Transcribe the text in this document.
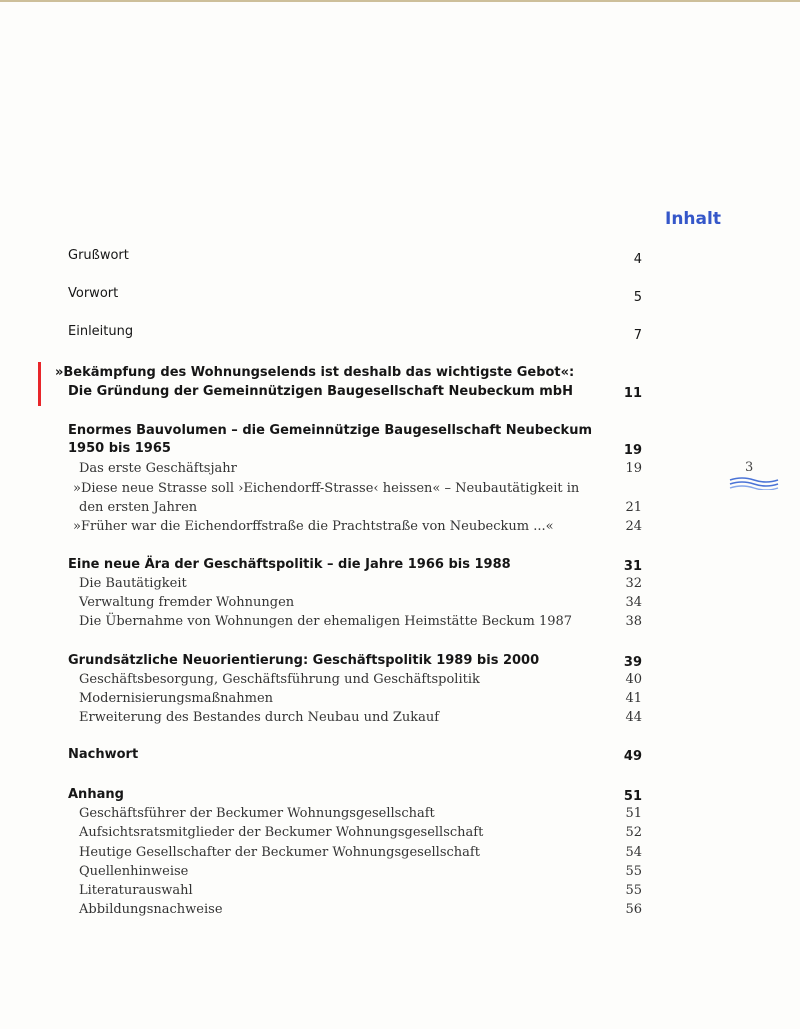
Inhalt
3
Grußwort	4
Vorwort	5
Einleitung	7
»Bekämpfung des Wohnungselends ist deshalb das wichtigste Gebot«:
Die Gründung der Gemeinnützigen Baugesellschaft Neubeckum mbH	11
Enormes Bauvolumen – die Gemeinnützige Baugesellschaft Neubeckum
1950 bis 1965	19
Das erste Geschäftsjahr	19
»Diese neue Strasse soll ›Eichendorff-Strasse‹ heissen« – Neubautätigkeit in
den ersten Jahren	21
»Früher war die Eichendorffstraße die Prachtstraße von Neubeckum ...«	24
Eine neue Ära der Geschäftspolitik – die Jahre 1966 bis 1988	31
Die Bautätigkeit	32
Verwaltung fremder Wohnungen	34
Die Übernahme von Wohnungen der ehemaligen Heimstätte Beckum 1987	38
Grundsätzliche Neuorientierung: Geschäftspolitik 1989 bis 2000	39
Geschäftsbesorgung, Geschäftsführung und Geschäftspolitik	40
Modernisierungsmaßnahmen	41
Erweiterung des Bestandes durch Neubau und Zukauf	44
Nachwort	49
Anhang	51
Geschäftsführer der Beckumer Wohnungsgesellschaft	51
Aufsichtsratsmitglieder der Beckumer Wohnungsgesellschaft	52
Heutige Gesellschafter der Beckumer Wohnungsgesellschaft	54
Quellenhinweise	55
Literaturauswahl	55
Abbildungsnachweise	56
